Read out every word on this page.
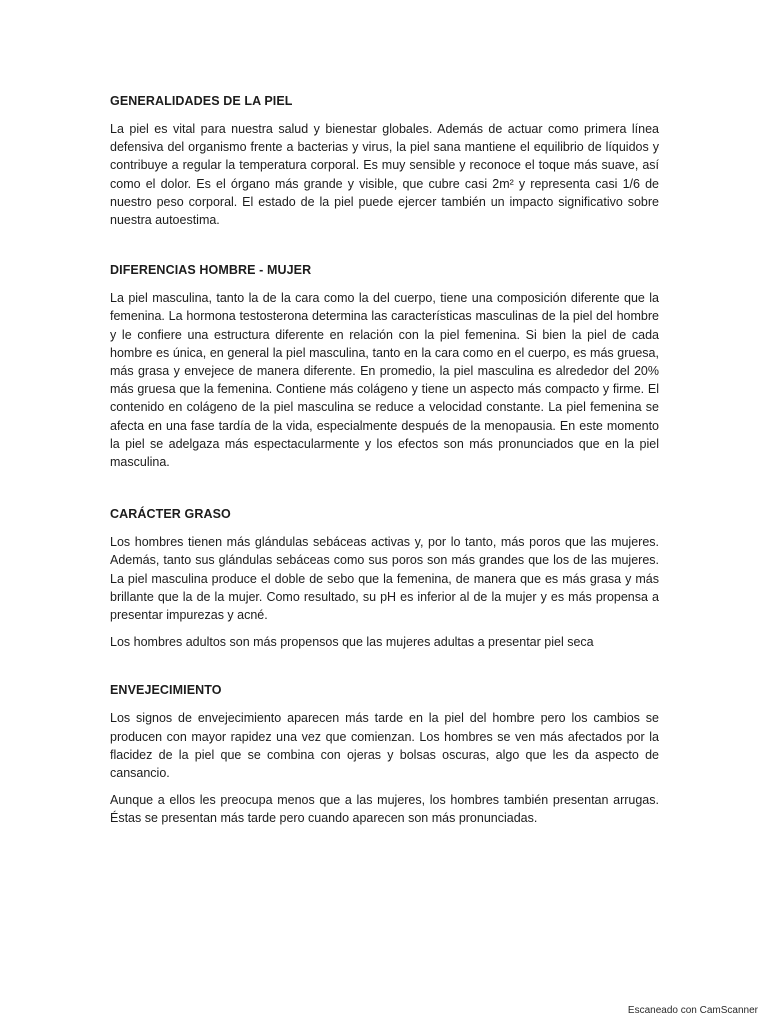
GENERALIDADES DE LA PIEL

La piel es vital para nuestra salud y bienestar globales. Además de actuar como primera línea defensiva del organismo frente a bacterias y virus, la piel sana mantiene el equilibrio de líquidos y contribuye a regular la temperatura corporal. Es muy sensible y reconoce el toque más suave, así como el dolor. Es el órgano más grande y visible, que cubre casi 2m² y representa casi 1/6 de nuestro peso corporal. El estado de la piel puede ejercer también un impacto significativo sobre nuestra autoestima.

DIFERENCIAS HOMBRE - MUJER

La piel masculina, tanto la de la cara como la del cuerpo, tiene una composición diferente que la femenina. La hormona testosterona determina las características masculinas de la piel del hombre y le confiere una estructura diferente en relación con la piel femenina. Si bien la piel de cada hombre es única, en general la piel masculina, tanto en la cara como en el cuerpo, es más gruesa, más grasa y envejece de manera diferente. En promedio, la piel masculina es alrededor del 20% más gruesa que la femenina. Contiene más colágeno y tiene un aspecto más compacto y firme. El contenido en colágeno de la piel masculina se reduce a velocidad constante. La piel femenina se afecta en una fase tardía de la vida, especialmente después de la menopausia. En este momento la piel se adelgaza más espectacularmente y los efectos son más pronunciados que en la piel masculina.

CARÁCTER GRASO

Los hombres tienen más glándulas sebáceas activas y, por lo tanto, más poros que las mujeres. Además, tanto sus glándulas sebáceas como sus poros son más grandes que los de las mujeres. La piel masculina produce el doble de sebo que la femenina, de manera que es más grasa y más brillante que la de la mujer. Como resultado, su pH es inferior al de la mujer y es más propensa a presentar impurezas y acné.

Los hombres adultos son más propensos que las mujeres adultas a presentar piel seca

ENVEJECIMIENTO

Los signos de envejecimiento aparecen más tarde en la piel del hombre pero los cambios se producen con mayor rapidez una vez que comienzan. Los hombres se ven más afectados por la flacidez de la piel que se combina con ojeras y bolsas oscuras, algo que les da aspecto de cansancio.

Aunque a ellos les preocupa menos que a las mujeres, los hombres también presentan arrugas. Éstas se presentan más tarde pero cuando aparecen son más pronunciadas.

Escaneado con CamScanner
